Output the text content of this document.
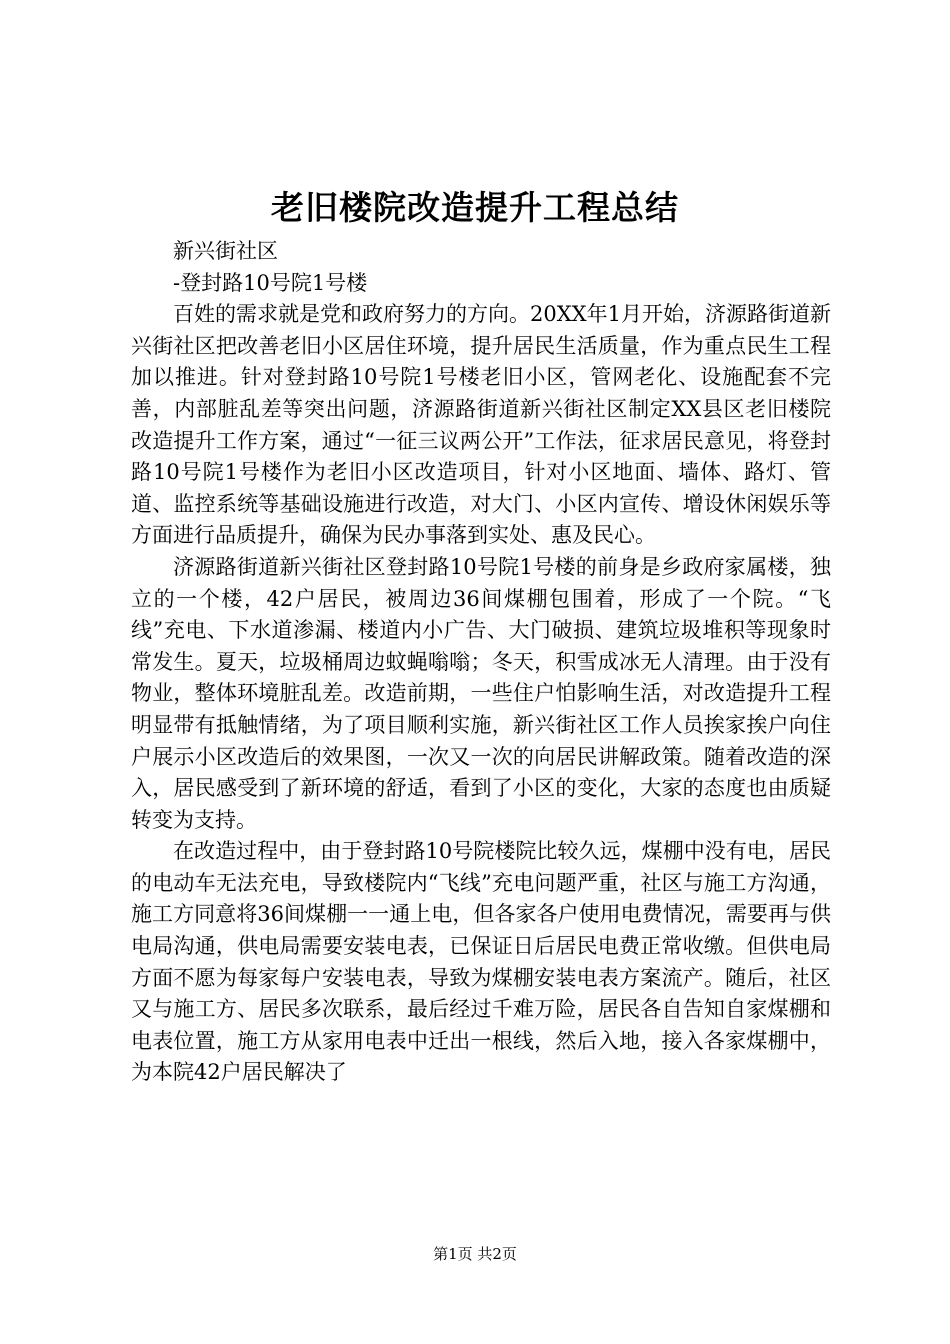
老旧楼院改造提升工程总结

新兴街社区

-登封路10号院1号楼

百姓的需求就是党和政府努力的方向。20XX年1月开始，济源路街道新兴街社区把改善老旧小区居住环境，提升居民生活质量，作为重点民生工程加以推进。针对登封路10号院1号楼老旧小区，管网老化、设施配套不完善，内部脏乱差等突出问题，济源路街道新兴街社区制定XX县区老旧楼院改造提升工作方案，通过“一征三议两公开”工作法，征求居民意见，将登封路10号院1号楼作为老旧小区改造项目，针对小区地面、墙体、路灯、管道、监控系统等基础设施进行改造，对大门、小区内宣传、增设休闲娱乐等方面进行品质提升，确保为民办事落到实处、惠及民心。

济源路街道新兴街社区登封路10号院1号楼的前身是乡政府家属楼，独立的一个楼，42户居民，被周边36间煤棚包围着，形成了一个院。“飞线”充电、下水道渗漏、楼道内小广告、大门破损、建筑垃圾堆积等现象时常发生。夏天，垃圾桶周边蚊蝇嗡嗡；冬天，积雪成冰无人清理。由于没有物业，整体环境脏乱差。改造前期，一些住户怕影响生活，对改造提升工程明显带有抵触情绪，为了项目顺利实施，新兴街社区工作人员挨家挨户向住户展示小区改造后的效果图，一次又一次的向居民讲解政策。随着改造的深入，居民感受到了新环境的舒适，看到了小区的变化，大家的态度也由质疑转变为支持。

在改造过程中，由于登封路10号院楼院比较久远，煤棚中没有电，居民的电动车无法充电，导致楼院内“飞线”充电问题严重，社区与施工方沟通，施工方同意将36间煤棚一一通上电，但各家各户使用电费情况，需要再与供电局沟通，供电局需要安装电表，已保证日后居民电费正常收缴。但供电局方面不愿为每家每户安装电表，导致为煤棚安装电表方案流产。随后，社区又与施工方、居民多次联系，最后经过千难万险，居民各自告知自家煤棚和电表位置，施工方从家用电表中迁出一根线，然后入地，接入各家煤棚中，为本院42户居民解决了

第1页 共2页
